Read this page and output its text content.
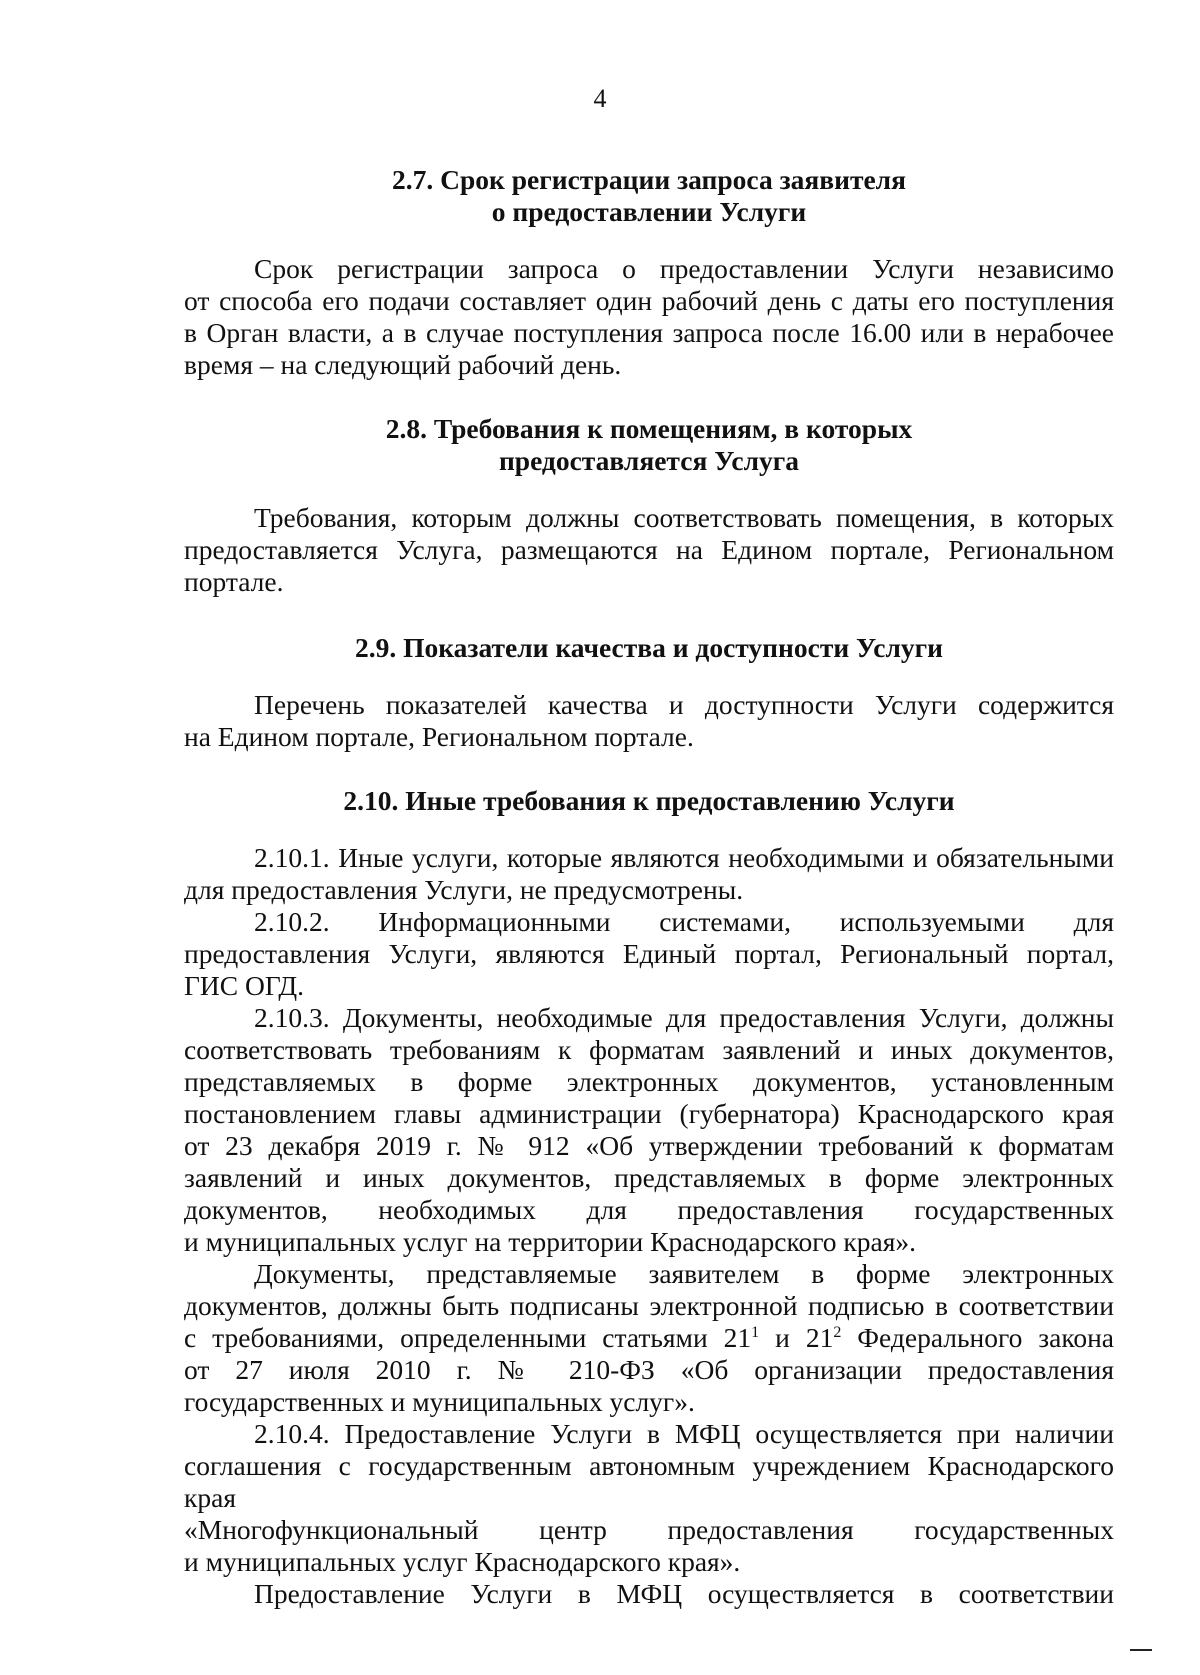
4
2.7. Срок регистрации запроса заявителя
о предоставлении Услуги
Срок регистрации запроса о предоставлении Услуги независимо
от способа его подачи составляет один рабочий день с даты его поступления
в Орган власти, а в случае поступления запроса после 16.00 или в нерабочее
время – на следующий рабочий день.
2.8. Требования к помещениям, в которых
предоставляется Услуга
Требования, которым должны соответствовать помещения, в которых
предоставляется Услуга, размещаются на Едином портале, Региональном
портале.
2.9. Показатели качества и доступности Услуги
Перечень показателей качества и доступности Услуги содержится
на Едином портале, Региональном портале.
2.10. Иные требования к предоставлению Услуги
2.10.1. Иные услуги, которые являются необходимыми и обязательными
для предоставления Услуги, не предусмотрены.
2.10.2. Информационными системами, используемыми для
предоставления Услуги, являются Единый портал, Региональный портал,
ГИС ОГД.
2.10.3. Документы, необходимые для предоставления Услуги, должны
соответствовать требованиям к форматам заявлений и иных документов,
представляемых в форме электронных документов, установленным
постановлением главы администрации (губернатора) Краснодарского края
от 23 декабря 2019 г. № 912 «Об утверждении требований к форматам
заявлений и иных документов, представляемых в форме электронных
документов, необходимых для предоставления государственных
и муниципальных услуг на территории Краснодарского края».
Документы, представляемые заявителем в форме электронных
документов, должны быть подписаны электронной подписью в соответствии
с требованиями, определенными статьями $21^1$ и $21^2$ Федерального закона
от 27 июля 2010 г. № 210-ФЗ «Об организации предоставления
государственных и муниципальных услуг».
2.10.4. Предоставление Услуги в МФЦ осуществляется при наличии
соглашения с государственным автономным учреждением Краснодарского края
«Многофункциональный центр предоставления государственных
и муниципальных услуг Краснодарского края».
Предоставление Услуги в МФЦ осуществляется в соответствии
